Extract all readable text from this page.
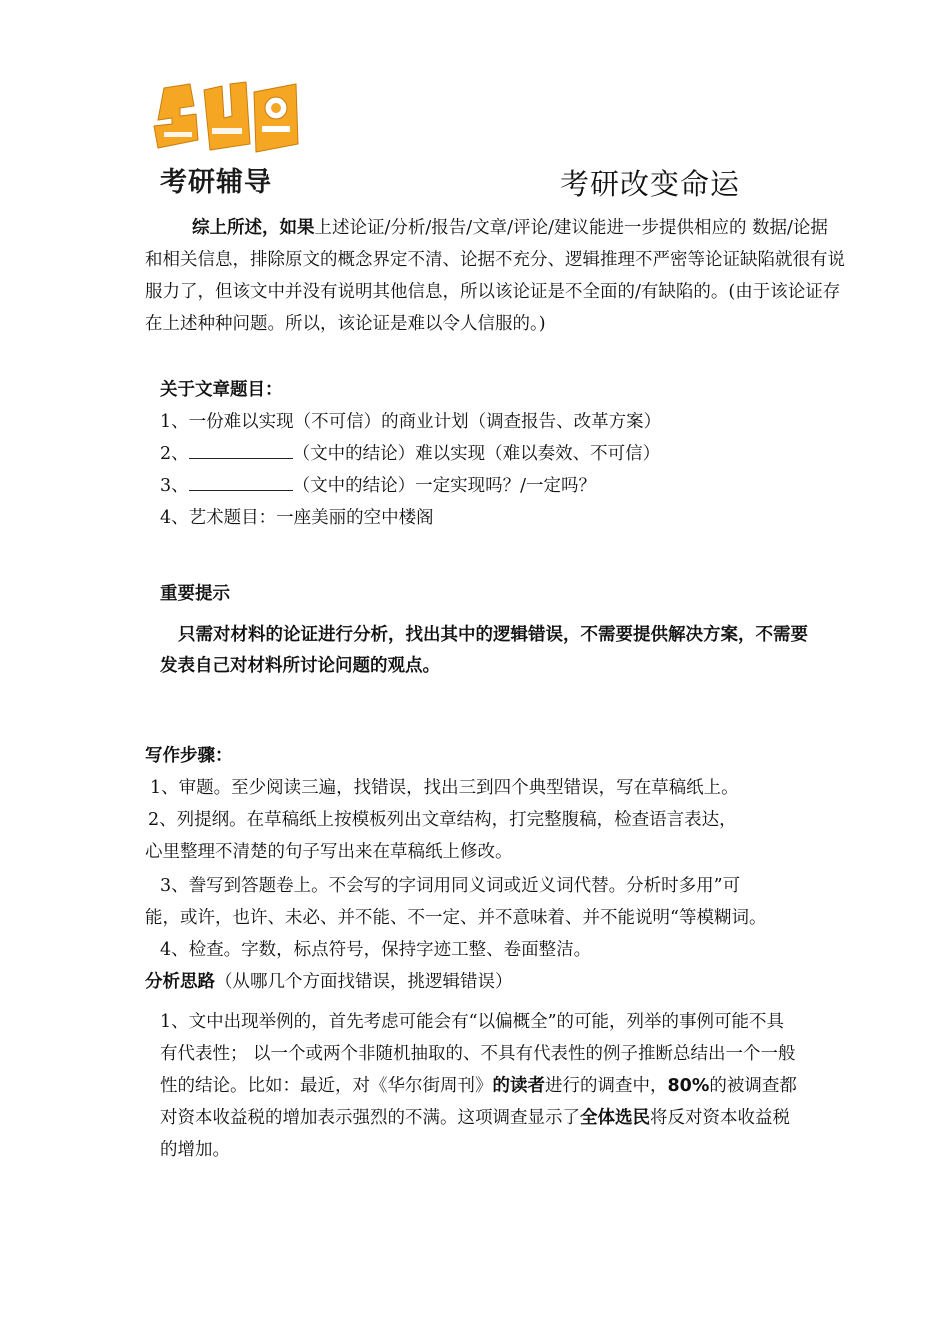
考研辅导	考研改变命运
综上所述，如果上述论证/分析/报告/文章/评论/建议能进一步提供相应的 数据/论据 和相关信息，排除原文的概念界定不清、论据不充分、逻辑推理不严密等论证缺陷就很有说服力了，但该文中并没有说明其他信息，所以该论证是不全面的/有缺陷的。(由于该论证存在上述种种问题。所以，该论证是难以令人信服的。)
关于文章题目：
1、一份难以实现（不可信）的商业计划（调查报告、改革方案）
2、	（文中的结论）难以实现（难以奏效、不可信）
3、	（文中的结论）一定实现吗？/一定吗？
4、艺术题目：一座美丽的空中楼阁
重要提示
只需对材料的论证进行分析，找出其中的逻辑错误，不需要提供解决方案，不需要发表自己对材料所讨论问题的观点。
写作步骤：
1、审题。至少阅读三遍，找错误，找出三到四个典型错误，写在草稿纸上。
2、列提纲。在草稿纸上按模板列出文章结构，打完整腹稿，检查语言表达，
心里整理不清楚的句子写出来在草稿纸上修改。
3、誊写到答题卷上。不会写的字词用同义词或近义词代替。分析时多用”可
能，或许，也许、未必、并不能、不一定、并不意味着、并不能说明“等模糊词。
4、检查。字数，标点符号，保持字迹工整、卷面整洁。
分析思路（从哪几个方面找错误，挑逻辑错误）
1、文中出现举例的，首先考虑可能会有“以偏概全”的可能，列举的事例可能不具有代表性； 以一个或两个非随机抽取的、不具有代表性的例子推断总结出一个一般性的结论。比如：最近，对《华尔街周刊》的读者进行的调查中，80%的被调查都对资本收益税的增加表示强烈的不满。这项调查显示了全体选民将反对资本收益税的增加。
